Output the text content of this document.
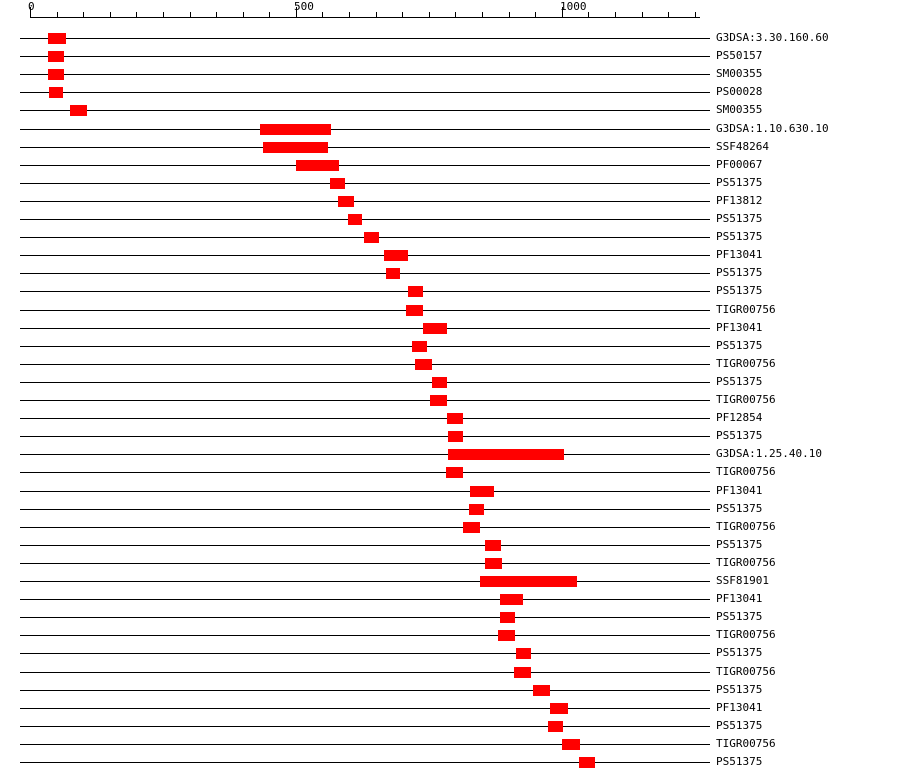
0	500	1000
G3DSA:3.30.160.60
PS50157
SM00355
PS00028
SM00355
G3DSA:1.10.630.10
SSF48264
PF00067
PS51375
PF13812
PS51375
PS51375
PF13041
PS51375
PS51375
TIGR00756
PF13041
PS51375
TIGR00756
PS51375
TIGR00756
PF12854
PS51375
G3DSA:1.25.40.10
TIGR00756
PF13041
PS51375
TIGR00756
PS51375
TIGR00756
SSF81901
PF13041
PS51375
TIGR00756
PS51375
TIGR00756
PS51375
PF13041
PS51375
TIGR00756
PS51375
